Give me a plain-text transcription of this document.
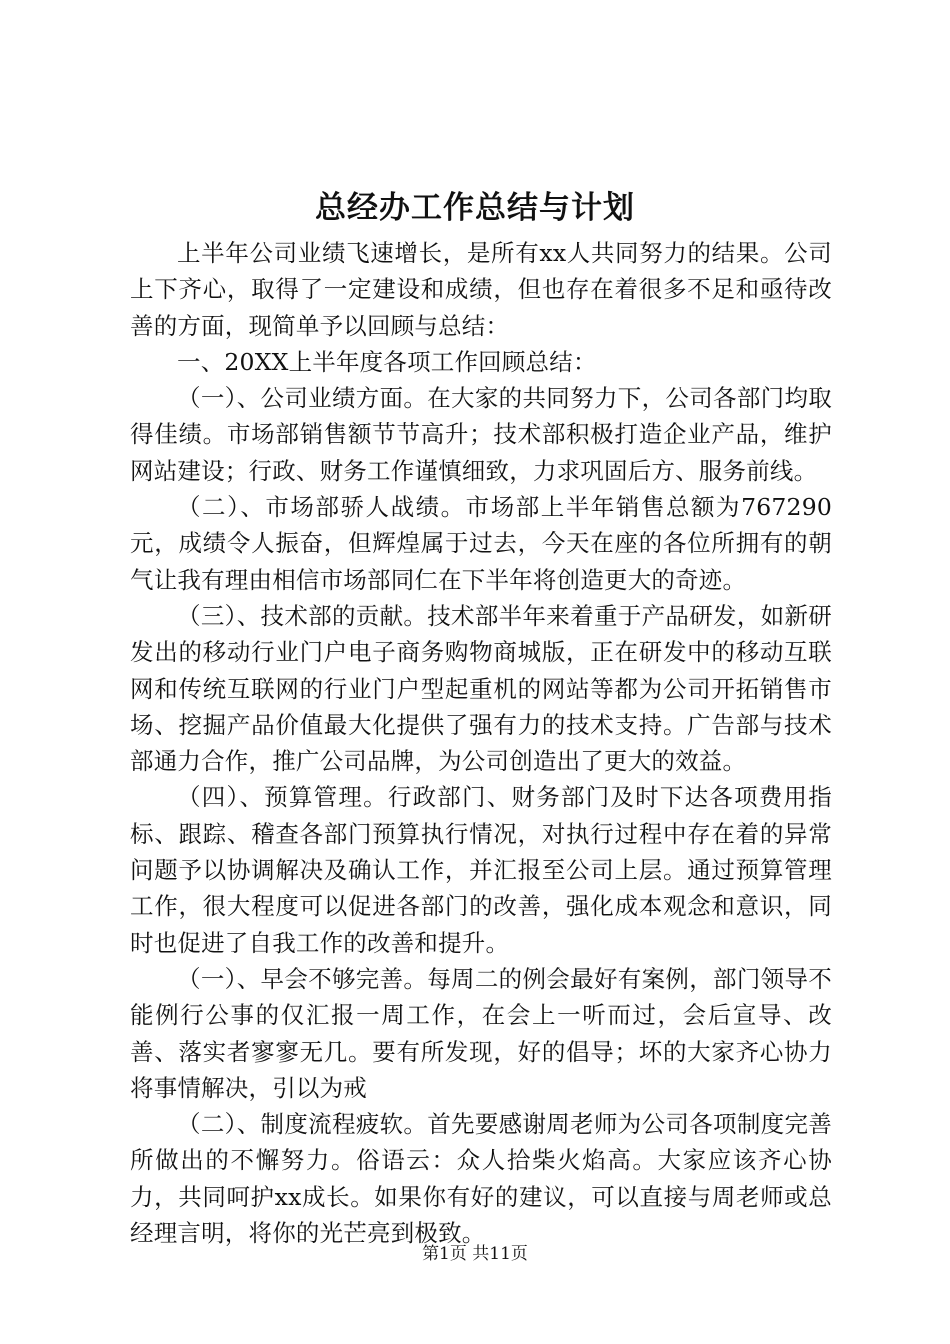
总经办工作总结与计划

上半年公司业绩飞速增长，是所有xx人共同努力的结果。公司上下齐心，取得了一定建设和成绩，但也存在着很多不足和亟待改善的方面，现简单予以回顾与总结：

一、20XX上半年度各项工作回顾总结：

（一）、公司业绩方面。在大家的共同努力下，公司各部门均取得佳绩。市场部销售额节节高升；技术部积极打造企业产品，维护网站建设；行政、财务工作谨慎细致，力求巩固后方、服务前线。

（二）、市场部骄人战绩。市场部上半年销售总额为767290元，成绩令人振奋，但辉煌属于过去，今天在座的各位所拥有的朝气让我有理由相信市场部同仁在下半年将创造更大的奇迹。

（三）、技术部的贡献。技术部半年来着重于产品研发，如新研发出的移动行业门户电子商务购物商城版，正在研发中的移动互联网和传统互联网的行业门户型起重机的网站等都为公司开拓销售市场、挖掘产品价值最大化提供了强有力的技术支持。广告部与技术部通力合作，推广公司品牌，为公司创造出了更大的效益。

（四）、预算管理。行政部门、财务部门及时下达各项费用指标、跟踪、稽查各部门预算执行情况，对执行过程中存在着的异常问题予以协调解决及确认工作，并汇报至公司上层。通过预算管理工作，很大程度可以促进各部门的改善，强化成本观念和意识，同时也促进了自我工作的改善和提升。

（一）、早会不够完善。每周二的例会最好有案例，部门领导不能例行公事的仅汇报一周工作，在会上一听而过，会后宣导、改善、落实者寥寥无几。要有所发现，好的倡导；坏的大家齐心协力将事情解决，引以为戒

（二）、制度流程疲软。首先要感谢周老师为公司各项制度完善所做出的不懈努力。俗语云：众人拾柴火焰高。大家应该齐心协力，共同呵护xx成长。如果你有好的建议，可以直接与周老师或总经理言明，将你的光芒亮到极致。

第1页 共11页
